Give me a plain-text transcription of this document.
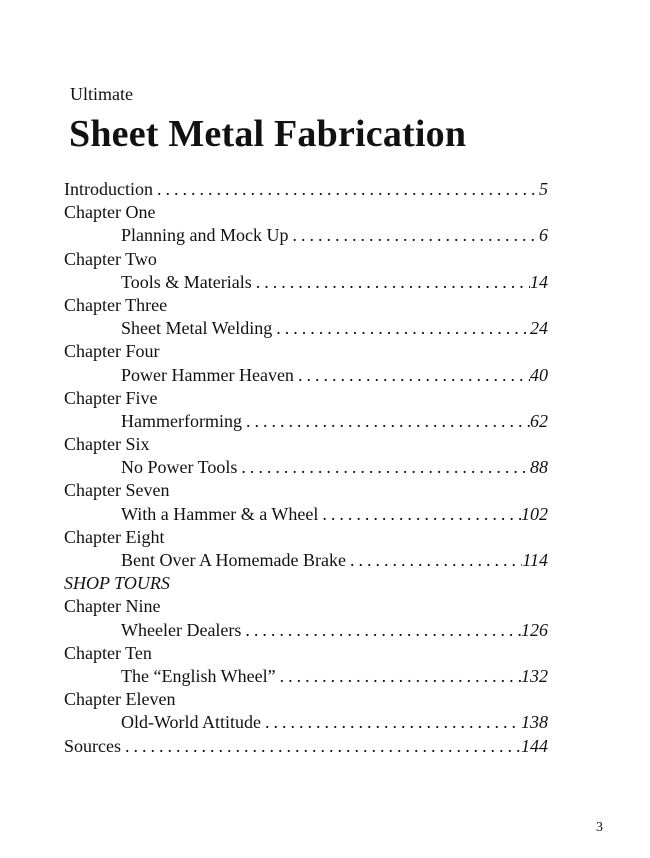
Ultimate
Sheet Metal Fabrication
Introduction . . .	5
Chapter One
Planning and Mock Up . . .	6
Chapter Two
Tools & Materials . . .	14
Chapter Three
Sheet Metal Welding . . .	24
Chapter Four
Power Hammer Heaven . . .	40
Chapter Five
Hammerforming . . .	62
Chapter Six
No Power Tools . . .	88
Chapter Seven
With a Hammer & a Wheel . . .	102
Chapter Eight
Bent Over A Homemade Brake . . .	114
SHOP TOURS
Chapter Nine
Wheeler Dealers . . .	126
Chapter Ten
The “English Wheel” . . .	132
Chapter Eleven
Old-World Attitude . . .	138
Sources . . .	144
3
